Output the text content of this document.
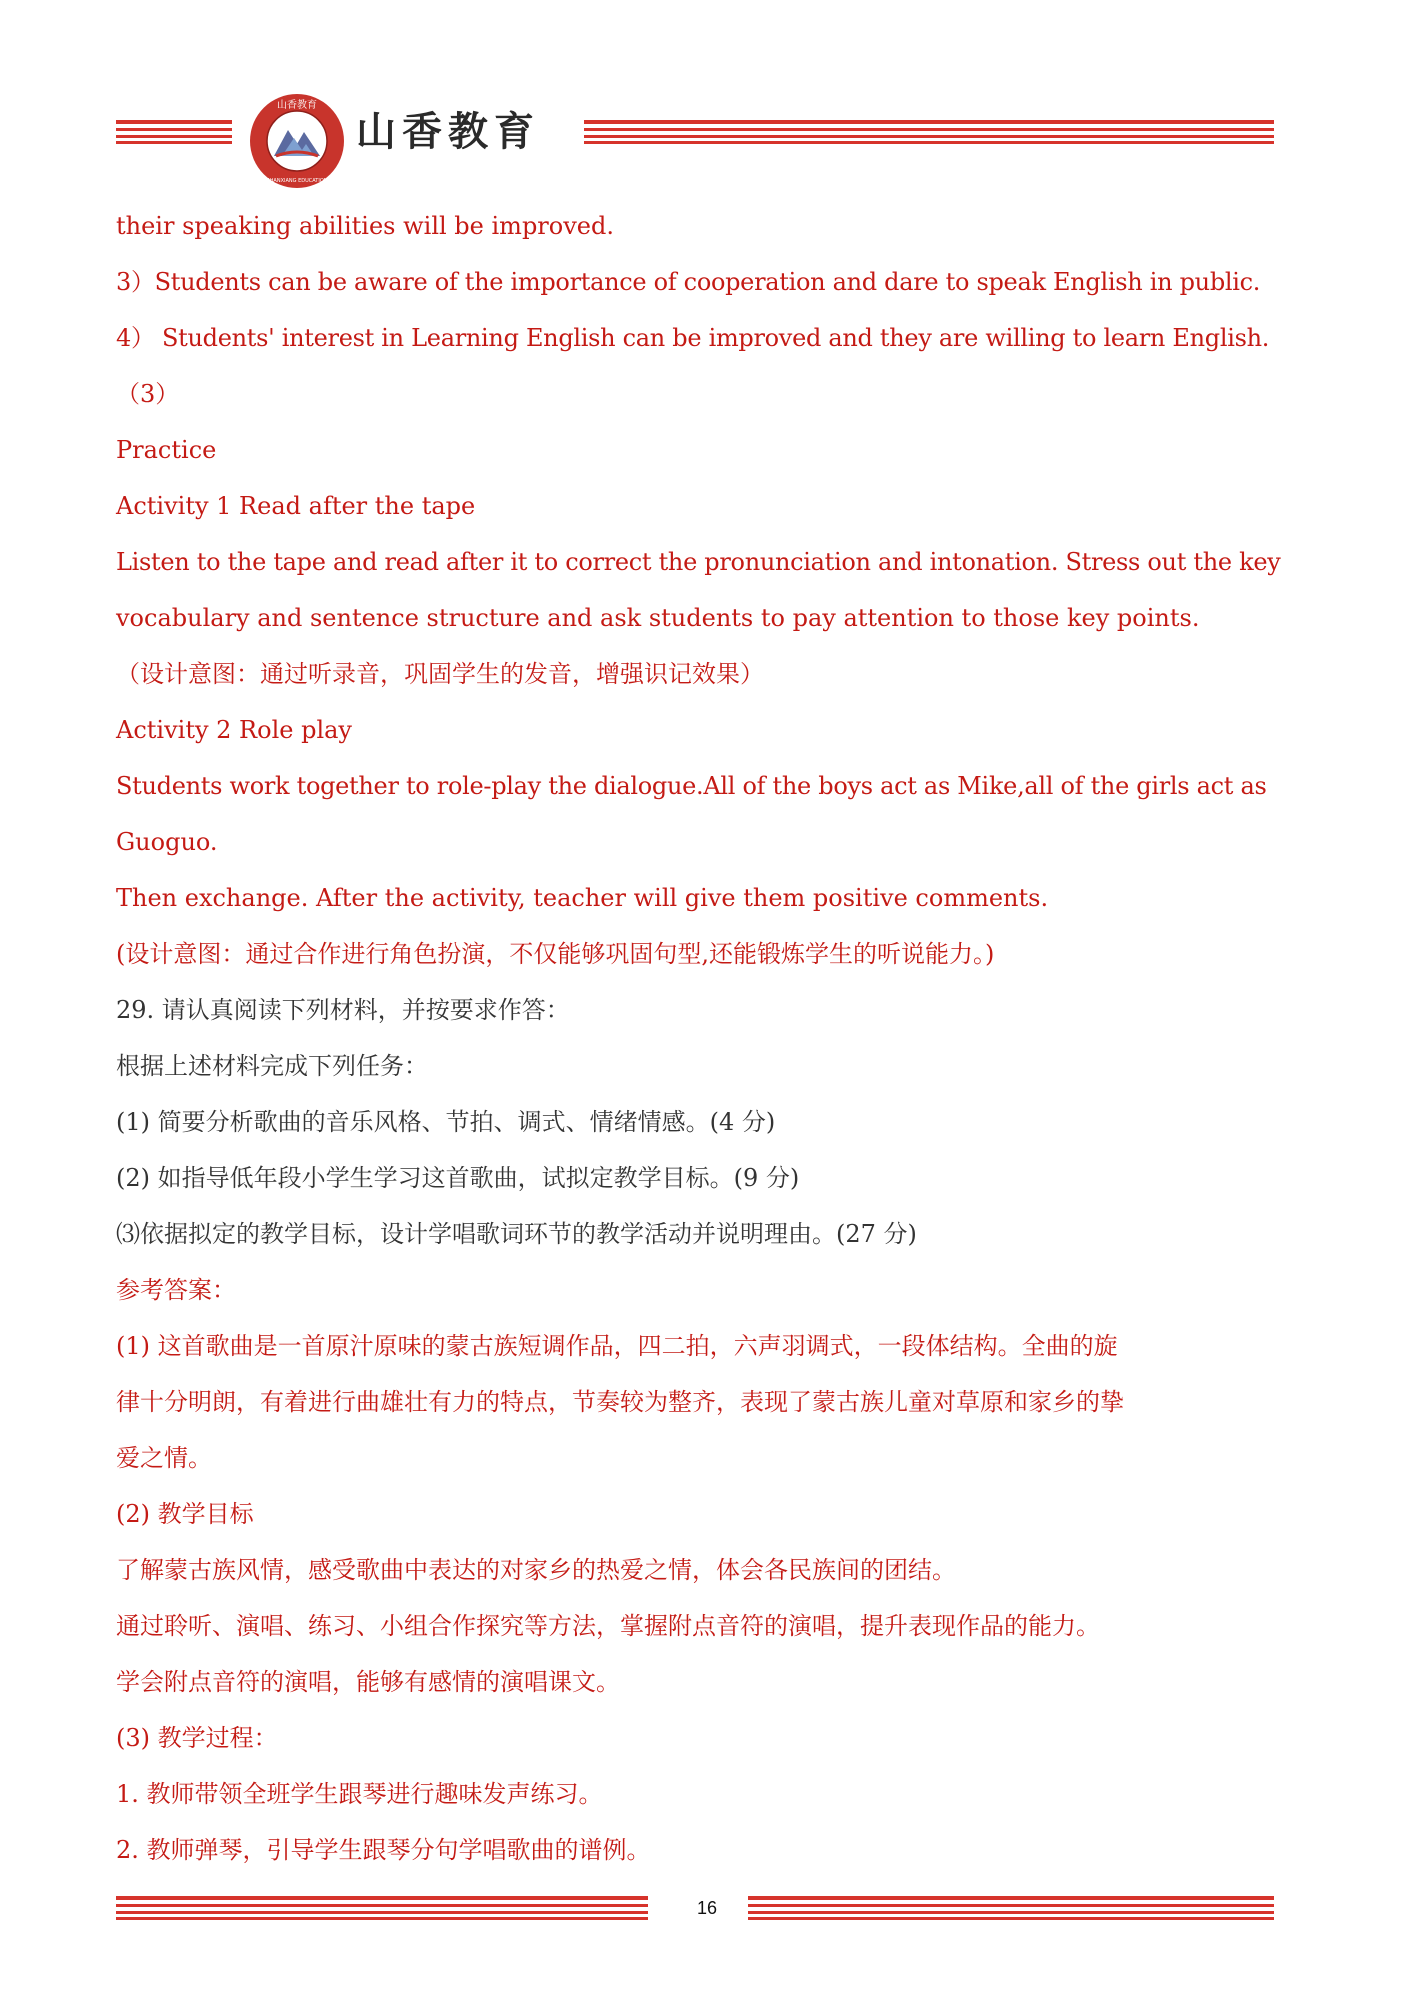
山香教育
SHANXIANG EDUCATION
山香教育
their speaking abilities will be improved.
3）Students can be aware of the importance of cooperation and dare to speak English in public.
4） Students' interest in Learning English can be improved and they are willing to learn English.
（3）
Practice
Activity 1 Read after the tape
Listen to the tape and read after it to correct the pronunciation and intonation. Stress out the key
vocabulary and sentence structure and ask students to pay attention to those key points.
（设计意图：通过听录音，巩固学生的发音，增强识记效果）
Activity 2 Role play
Students work together to role-play the dialogue.All of the boys act as Mike,all of the girls act as
Guoguo.
Then exchange. After the activity, teacher will give them positive comments.
(设计意图：通过合作进行角色扮演，不仅能够巩固句型,还能锻炼学生的听说能力。)
29. 请认真阅读下列材料，并按要求作答：
根据上述材料完成下列任务：
(1) 简要分析歌曲的音乐风格、节拍、调式、情绪情感。(4 分)
(2) 如指导低年段小学生学习这首歌曲，试拟定教学目标。(9 分)
⑶依据拟定的教学目标，设计学唱歌词环节的教学活动并说明理由。(27 分)
参考答案：
(1) 这首歌曲是一首原汁原味的蒙古族短调作品，四二拍，六声羽调式，一段体结构。全曲的旋
律十分明朗，有着进行曲雄壮有力的特点，节奏较为整齐，表现了蒙古族儿童对草原和家乡的挚
爱之情。
(2) 教学目标
了解蒙古族风情，感受歌曲中表达的对家乡的热爱之情，体会各民族间的团结。
通过聆听、演唱、练习、小组合作探究等方法，掌握附点音符的演唱，提升表现作品的能力。
学会附点音符的演唱，能够有感情的演唱课文。
(3) 教学过程：
1. 教师带领全班学生跟琴进行趣味发声练习。
2. 教师弹琴，引导学生跟琴分句学唱歌曲的谱例。
16
